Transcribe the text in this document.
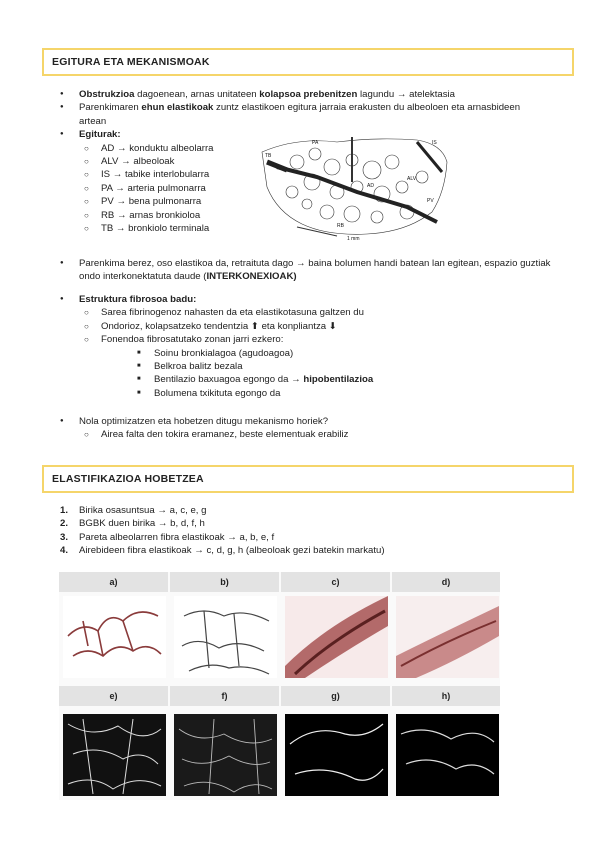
EGITURA ETA MEKANISMOAK
● Obstrukzioa dagoenean, arnas unitateen kolapsoa prebenitzen lagundu → atelektasia
● Parenkimaren ehun elastikoak zuntz elastikoen egitura jarraia erakusten du albeoloen eta arnasbideen artean
● Egiturak:
○ AD → konduktu albeolarra
○ ALV → albeoloak
○ IS → tabike interlobularra
○ PA → arteria pulmonarra
○ PV → bena pulmonarra
○ RB → arnas bronkioloa
○ TB → bronkiolo terminala
PA
TB
IS
ALV
AD
PV
RB
1 mm
● Parenkima berez, oso elastikoa da, retraituta dago → baina bolumen handi batean lan egitean, espazio guztiak ondo interkonektatuta daude (INTERKONEXIOAK)
● Estruktura fibrosoa badu:
○ Sarea fibrinogenoz nahasten da eta elastikotasuna galtzen du
○ Ondorioz, kolapsatzeko tendentzia ⬆ eta konpliantza ⬇
○ Fonendoa fibrosatutako zonan jarri ezkero:
■ Soinu bronkialagoa (agudoagoa)
■ Belkroa balitz bezala
■ Bentilazio baxuagoa egongo da → hipobentilazioa
■ Bolumena txikituta egongo da
● Nola optimizatzen eta hobetzen ditugu mekanismo horiek?
○ Airea falta den tokira eramanez, beste elementuak erabiliz
ELASTIFIKAZIOA HOBETZEA
1. Birika osasuntsua → a, c, e, g
2. BGBK duen birika → b, d, f, h
3. Pareta albeolarren fibra elastikoak → a, b, e, f
4. Airebideen fibra elastikoak → c, d, g, h (albeoloak gezi batekin markatu)
a)	b)	c)	d)
e)	f)	g)	h)
